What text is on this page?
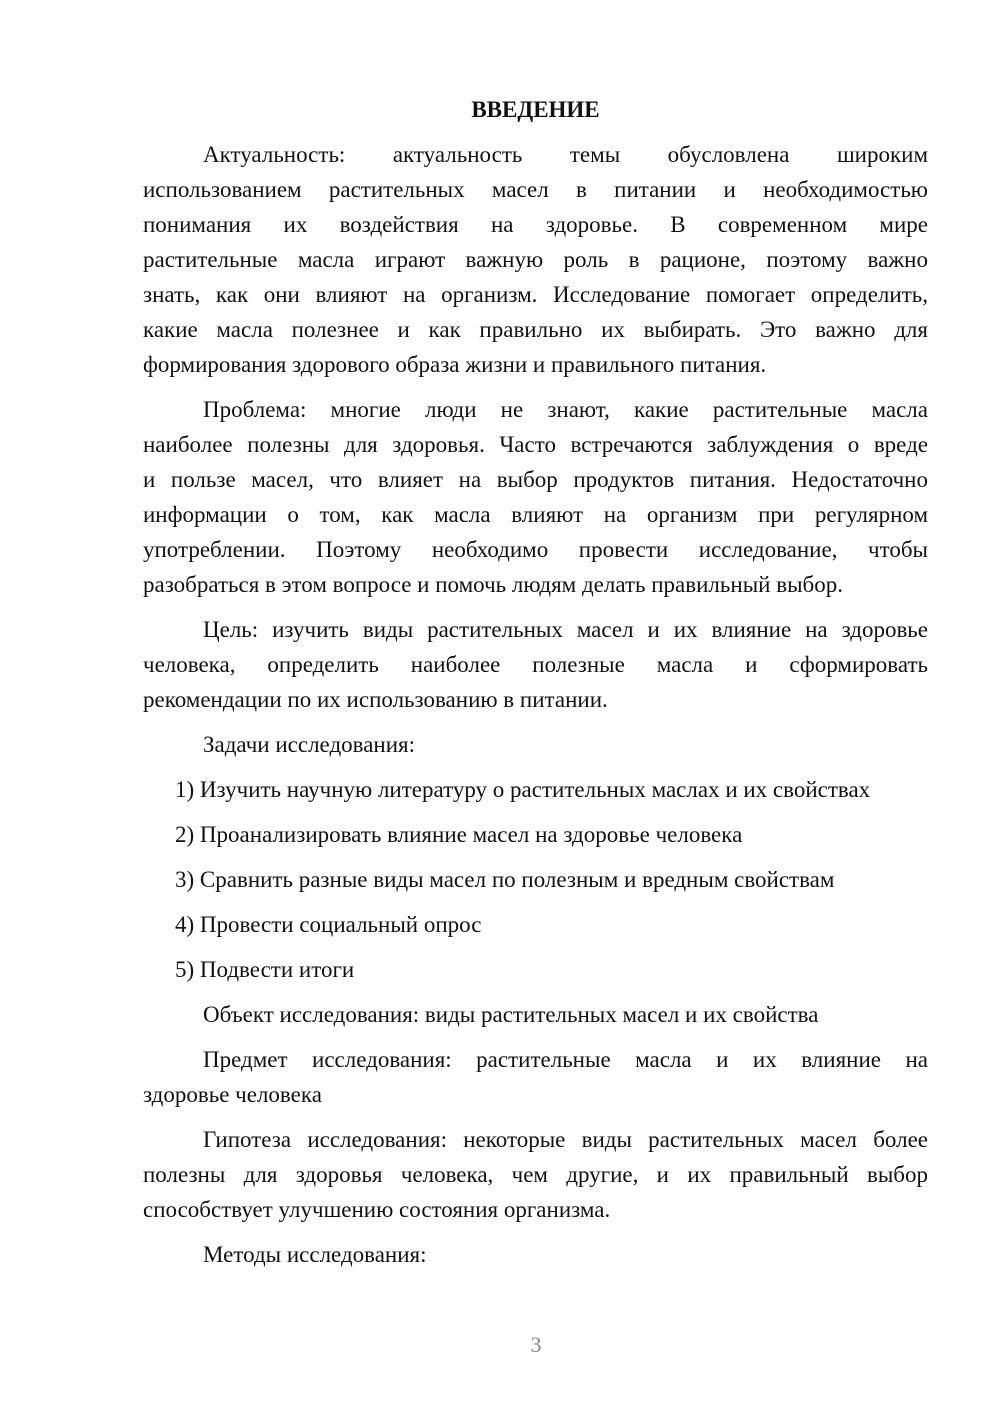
ВВЕДЕНИЕ
Актуальность: актуальность темы обусловлена широким
использованием растительных масел в питании и необходимостью
понимания их воздействия на здоровье. В современном мире
растительные масла играют важную роль в рационе, поэтому важно
знать, как они влияют на организм. Исследование помогает определить,
какие масла полезнее и как правильно их выбирать. Это важно для
формирования здорового образа жизни и правильного питания.
Проблема: многие люди не знают, какие растительные масла
наиболее полезны для здоровья. Часто встречаются заблуждения о вреде
и пользе масел, что влияет на выбор продуктов питания. Недостаточно
информации о том, как масла влияют на организм при регулярном
употреблении. Поэтому необходимо провести исследование, чтобы
разобраться в этом вопросе и помочь людям делать правильный выбор.
Цель: изучить виды растительных масел и их влияние на здоровье
человека, определить наиболее полезные масла и сформировать
рекомендации по их использованию в питании.
Задачи исследования:
1) Изучить научную литературу о растительных маслах и их свойствах
2) Проанализировать влияние масел на здоровье человека
3) Сравнить разные виды масел по полезным и вредным свойствам
4) Провести социальный опрос
5) Подвести итоги
Объект исследования: виды растительных масел и их свойства
Предмет исследования: растительные масла и их влияние на
здоровье человека
Гипотеза исследования: некоторые виды растительных масел более
полезны для здоровья человека, чем другие, и их правильный выбор
способствует улучшению состояния организма.
Методы исследования:
3
